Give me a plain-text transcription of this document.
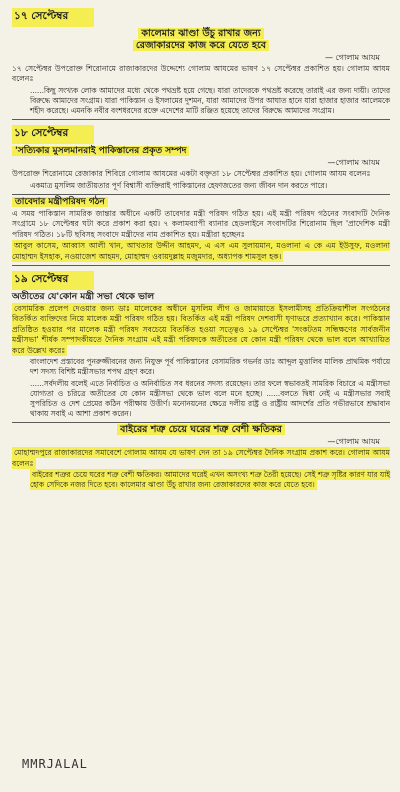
১৭ সেপ্টেম্বর
কালেমার ঝাণ্ডা উঁচু রাখার জন্য
রেজাকারদের কাজ করে যেতে হবে
— গোলাম আযম

১৭ সেপ্টেম্বর উপরোক্ত শিরোনামে রাজাকারদের উদ্দেশ্যে গোলাম আযমের ভাষণ ১৭ সেপ্টেম্বর প্রকাশিত হয়। গোলাম আযম বলেনঃ

......কিছু সংখ্যক লোক আমাদের মধ্যে থেকে পথভ্রষ্ট হয়ে গেছে। যারা তাদেরকে পথভ্রষ্ট করেছে তারাই এর জন্য দায়ী। তাদের বিরুদ্ধে আমাদের সংগ্রাম। যারা পাকিস্তান ও ইসলামের দুশমন, যারা আমাদের উপর আঘাত হানে যারা হাজার হাজার আলেমকে শহীদ করেছে। এমনকি নবীর বংশধরদের রক্তে এদেশের মাটি রঞ্জিত হয়েছে তাদের বিরুদ্ধে আমাদের সংগ্রাম।

১৮ সেপ্টেম্বর
'সত্যিকার মুসলমানরাই পাকিস্তানের প্রকৃত সম্পদ
—গোলাম আযম

উপরোক্ত শিরোনামে রেজাকার শিবিরে গোলাম আযমের একটা বক্তৃতা ১৮ সেপ্টেম্বর প্রকাশিত হয়। গোলাম আযম বলেনঃ

একমাত্র মুসলিম জাতীয়তার পূর্ণ বিশ্বাসী ব্যক্তিরাই পাকিস্তানের হেফাজতের জন্য জীবন দান করতে পারে।

তাবেদার মন্ত্রীপরিষদ গঠন

এ সময় পাকিস্তান সামরিক জান্তার অধীনে একটি তাবেদার মন্ত্রী পরিষদ গঠিত হয়। এই মন্ত্রী পরিষদ গঠনের সংবাদটি দৈনিক সংগ্রামে ১৮ সেপ্টেম্বর ঘটা করে প্রকাশ করা হয়। ৭ কলামব্যাপী ব্যানার হেডলাইনে সংবাদটির শিরোনাম ছিল 'প্রাদেশিক মন্ত্রী পরিষদ গঠিত। ১৮টি ছবিসহ সংবাদে মন্ত্রীদের নাম প্রকাশিত হয়। মন্ত্রীরা হচ্ছেনঃ

আবুল কাসেম, আব্বাস আলী খান, আখতার উদ্দীন আহমদ, এ এস এম সুলায়মান, মওলানা এ কে এম ইউসুফ, মওলানা মোহাম্মদ ইসহাক, নওয়াজেশ আহমদ, মোহাম্মদ ওবায়দুল্লাহ মজুমদার, অধ্যাপক শামসুল হক।

১৯ সেপ্টেম্বর
অতীতের যে'কোন মন্ত্রী সভা থেকে ভাল

বেসামরিক প্রলেপ দেওয়ার জন্য ডাঃ মালেকের অধীনে মুসলিম লীগ ও জামায়াতে ইসলামীসহ প্রতিক্রিয়াশীল সংগঠনের বিতর্কিত ব্যক্তিদের নিয়ে মালেক মন্ত্রী পরিষদ গঠিত হয়। বিতর্কিত এই মন্ত্রী পরিষদ দেশবাসী ঘৃণাভরে প্রত্যাখ্যান করে। পাকিস্তান প্রতিষ্ঠিত হওয়ার পর মালেক মন্ত্রী পরিষদ সবচেয়ে বিতর্কিত হওয়া সত্ত্বেও ১৯ সেপ্টেম্বর 'সংকটতম সন্ধিক্ষণের সার্বজনীন মন্ত্রীসভা' শীর্ষক সম্পাদকীয়তে দৈনিক সংগ্রাম এই মন্ত্রী পরিষদকে অতীতের যে কোন মন্ত্রী পরিষদ থেকে ভাল বলে আখ্যায়িত করে উল্লেখ করেঃ

বাংলাদেশ প্রস্তাবের পুনরুজ্জীবনের জন্য নিযুক্ত পূর্ব পাকিস্তানের বেসামরিক গভর্নর ডাঃ আব্দুল মুত্তালিব মালিক প্রাথমিক পর্যায়ে দশ সদস্য বিশিষ্ট মন্ত্রীসভার শপথ গ্রহণ করে।

......সর্বদলীয় বলেই এতে নির্বাচিত ও অনির্বাচিত সব ধরনের সদস্য রয়েছেন। তার ফলে স্বভাবতই সামরিক বিচারে এ মন্ত্রীসভা যোগ্যতা ও চরিত্রে অতীতের যে কোন মন্ত্রীসভা থেকে ভাল বলে মনে হচ্ছে। ......বলতে দ্বিধা নেই এ মন্ত্রীসভার সবাই সুপরিচিত ও দেশ প্রেমের কঠিন পরীক্ষায় উত্তীর্ণ। মনোনয়নের ক্ষেত্রে দলীয় রাষ্ট্র ও রাষ্ট্রীয় আদর্শের প্রতি গভীরভাবে শ্রদ্ধাবান থাকায় সবাই এ আশা প্রকাশ করেন।

বাইরের শত্রু চেয়ে ঘরের শত্রু বেশী ক্ষতিকর
—গোলাম আযম

মোহাম্মদপুরে রাজাকারদের সমাবেশে গোলাম আযম যে ভাষণ দেন তা ১৯ সেপ্টেম্বর দৈনিক সংগ্রাম প্রকাশ করে। গোলাম আযম বলেনঃ

বাইরের শত্রুর চেয়ে ঘরের শত্রু বেশী ক্ষতিকর। আমাদের ঘরেই এখন অসংখ্য শত্রু তৈরী হয়েছে। সেই শত্রু সৃষ্টির কারণ যার যাই হোক সেদিকে নজর দিতে হবে। কালেমার ঝাণ্ডা উঁচু রাখার জন্য রেজাকারদের কাজ করে যেতে হবে।

MMRJALAL
